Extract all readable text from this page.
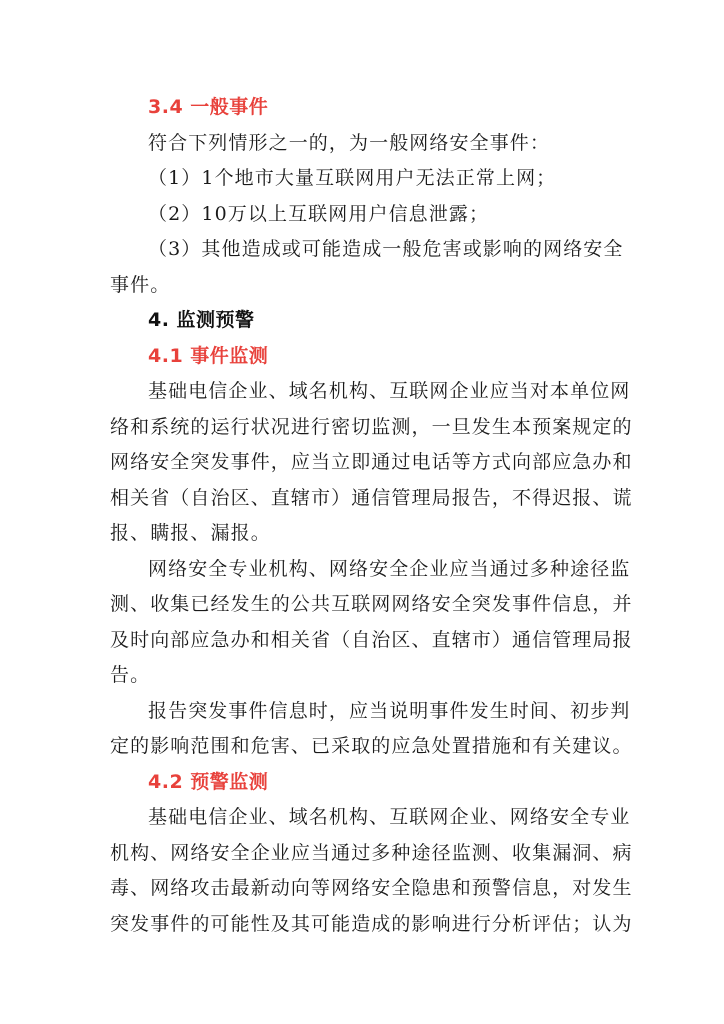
3.4 一般事件
符合下列情形之一的，为一般网络安全事件：
（1）1个地市大量互联网用户无法正常上网；
（2）10万以上互联网用户信息泄露；
（3）其他造成或可能造成一般危害或影响的网络安全
事件。
4. 监测预警
4.1 事件监测
基础电信企业、域名机构、互联网企业应当对本单位网
络和系统的运行状况进行密切监测，一旦发生本预案规定的
网络安全突发事件，应当立即通过电话等方式向部应急办和
相关省（自治区、直辖市）通信管理局报告，不得迟报、谎
报、瞒报、漏报。
网络安全专业机构、网络安全企业应当通过多种途径监
测、收集已经发生的公共互联网网络安全突发事件信息，并
及时向部应急办和相关省（自治区、直辖市）通信管理局报
告。
报告突发事件信息时，应当说明事件发生时间、初步判
定的影响范围和危害、已采取的应急处置措施和有关建议。
4.2 预警监测
基础电信企业、域名机构、互联网企业、网络安全专业
机构、网络安全企业应当通过多种途径监测、收集漏洞、病
毒、网络攻击最新动向等网络安全隐患和预警信息，对发生
突发事件的可能性及其可能造成的影响进行分析评估；认为
